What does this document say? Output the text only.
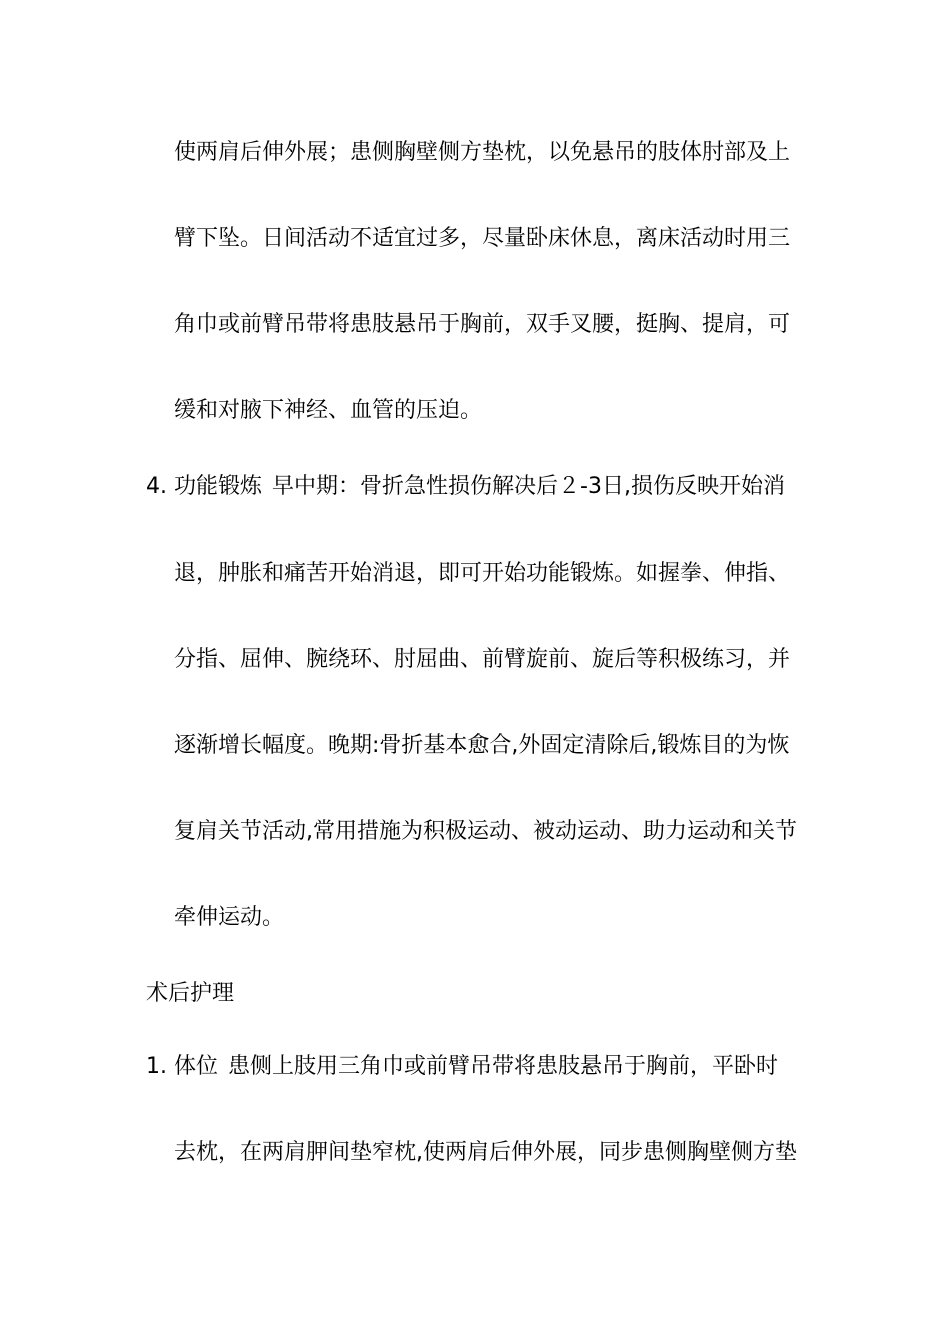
使两肩后伸外展；患侧胸壁侧方垫枕，以免悬吊的肢体肘部及上
臂下坠。日间活动不适宜过多，尽量卧床休息，离床活动时用三
角巾或前臂吊带将患肢悬吊于胸前，双手叉腰，挺胸、提肩，可
缓和对腋下神经、血管的压迫。
4. 功能锻炼 早中期：骨折急性损伤解决后２-3日,损伤反映开始消
退，肿胀和痛苦开始消退，即可开始功能锻炼。如握拳、伸指、
分指、屈伸、腕绕环、肘屈曲、前臂旋前、旋后等积极练习，并
逐渐增长幅度。晚期:骨折基本愈合,外固定清除后,锻炼目的为恢
复肩关节活动,常用措施为积极运动、被动运动、助力运动和关节
牵伸运动。
术后护理
1. 体位 患侧上肢用三角巾或前臂吊带将患肢悬吊于胸前，平卧时
去枕，在两肩胛间垫窄枕,使两肩后伸外展，同步患侧胸壁侧方垫
